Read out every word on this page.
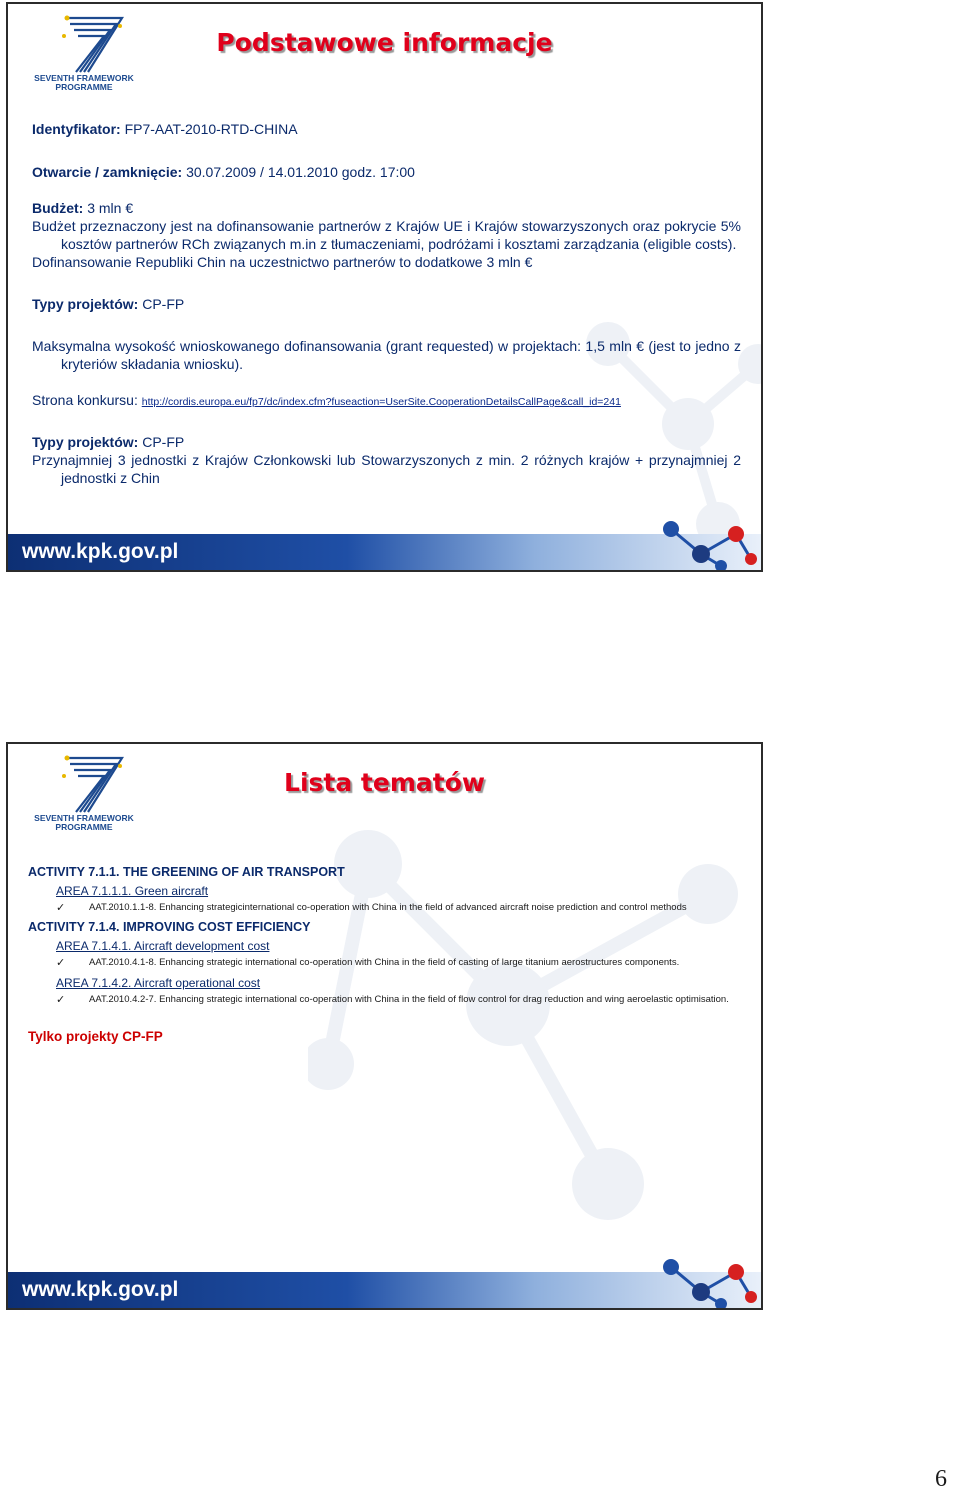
SEVENTH FRAMEWORK
PROGRAMME
Podstawowe informacje

Identyfikator: FP7-AAT-2010-RTD-CHINA

Otwarcie / zamknięcie: 30.07.2009 / 14.01.2010 godz. 17:00

Budżet: 3 mln €

Budżet przeznaczony jest na dofinansowanie partnerów z Krajów UE i Krajów stowarzyszonych oraz pokrycie 5% kosztów partnerów RCh związanych m.in z tłumaczeniami, podróżami i kosztami zarządzania (eligible costs).

Dofinansowanie Republiki Chin na uczestnictwo partnerów to dodatkowe 3 mln €

Typy projektów: CP-FP

Maksymalna wysokość wnioskowanego dofinansowania (grant requested) w projektach: 1,5 mln € (jest to jedno z kryteriów składania wniosku).

Strona konkursu: http://cordis.europa.eu/fp7/dc/index.cfm?fuseaction=UserSite.CooperationDetailsCallPage&call_id=241

Typy projektów: CP-FP

Przynajmniej 3 jednostki z Krajów Członkowski lub Stowarzyszonych z min. 2 różnych krajów + przynajmniej 2 jednostki z Chin

www.kpk.gov.pl
SEVENTH FRAMEWORK
PROGRAMME
Lista tematów

ACTIVITY 7.1.1. THE GREENING OF AIR TRANSPORT

AREA 7.1.1.1. Green aircraft

✓	AAT.2010.1.1-8. Enhancing strategicinternational co-operation with China in the field of advanced aircraft noise prediction and control methods

ACTIVITY 7.1.4. IMPROVING COST EFFICIENCY

AREA 7.1.4.1. Aircraft development cost

✓	AAT.2010.4.1-8. Enhancing strategic international co-operation with China in the field of casting of large titanium aerostructures components.

AREA 7.1.4.2. Aircraft operational cost

✓	AAT.2010.4.2-7. Enhancing strategic international co-operation with China in the field of flow control for drag reduction and wing aeroelastic optimisation.

Tylko projekty CP-FP

www.kpk.gov.pl
6
